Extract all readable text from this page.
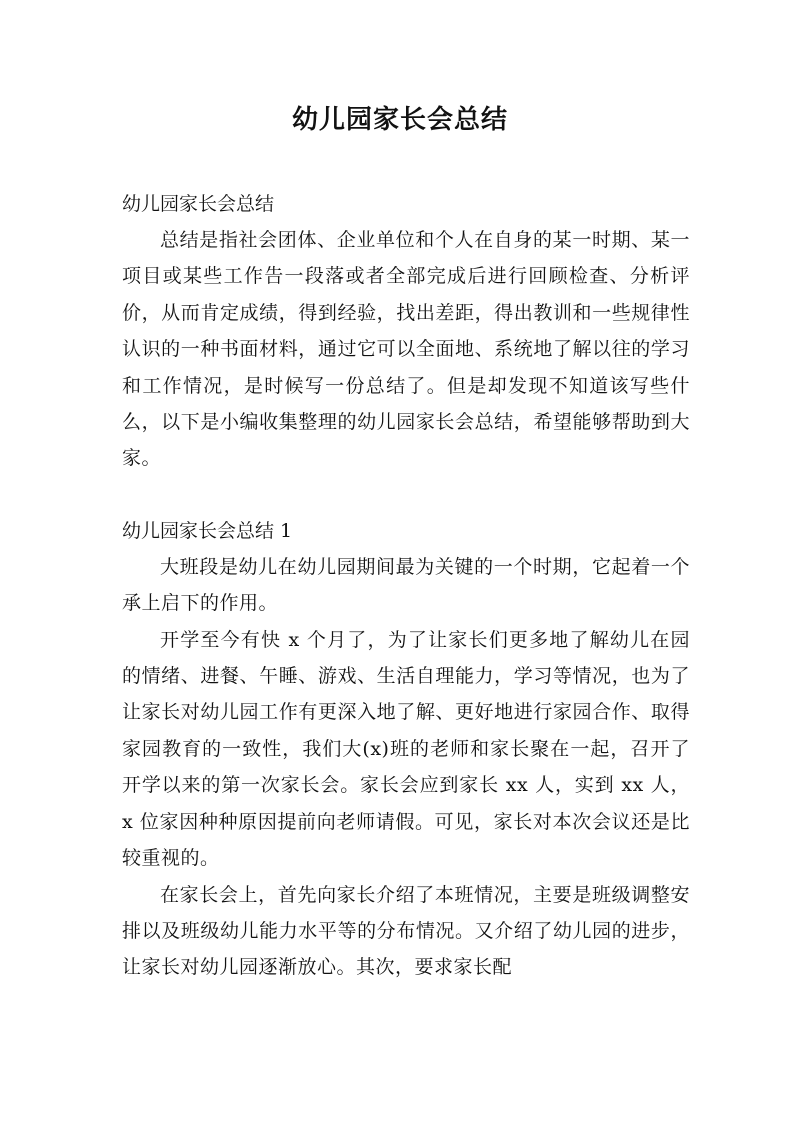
幼儿园家长会总结

幼儿园家长会总结

总结是指社会团体、企业单位和个人在自身的某一时期、某一项目或某些工作告一段落或者全部完成后进行回顾检查、分析评价，从而肯定成绩，得到经验，找出差距，得出教训和一些规律性认识的一种书面材料，通过它可以全面地、系统地了解以往的学习和工作情况，是时候写一份总结了。但是却发现不知道该写些什么，以下是小编收集整理的幼儿园家长会总结，希望能够帮助到大家。

幼儿园家长会总结 1

大班段是幼儿在幼儿园期间最为关键的一个时期，它起着一个承上启下的作用。

开学至今有快 x 个月了，为了让家长们更多地了解幼儿在园的情绪、进餐、午睡、游戏、生活自理能力，学习等情况，也为了让家长对幼儿园工作有更深入地了解、更好地进行家园合作、取得家园教育的一致性，我们大(x)班的老师和家长聚在一起，召开了开学以来的第一次家长会。家长会应到家长 xx 人，实到 xx 人，x 位家因种种原因提前向老师请假。可见，家长对本次会议还是比较重视的。

在家长会上，首先向家长介绍了本班情况，主要是班级调整安排以及班级幼儿能力水平等的分布情况。又介绍了幼儿园的进步，让家长对幼儿园逐渐放心。其次，要求家长配
